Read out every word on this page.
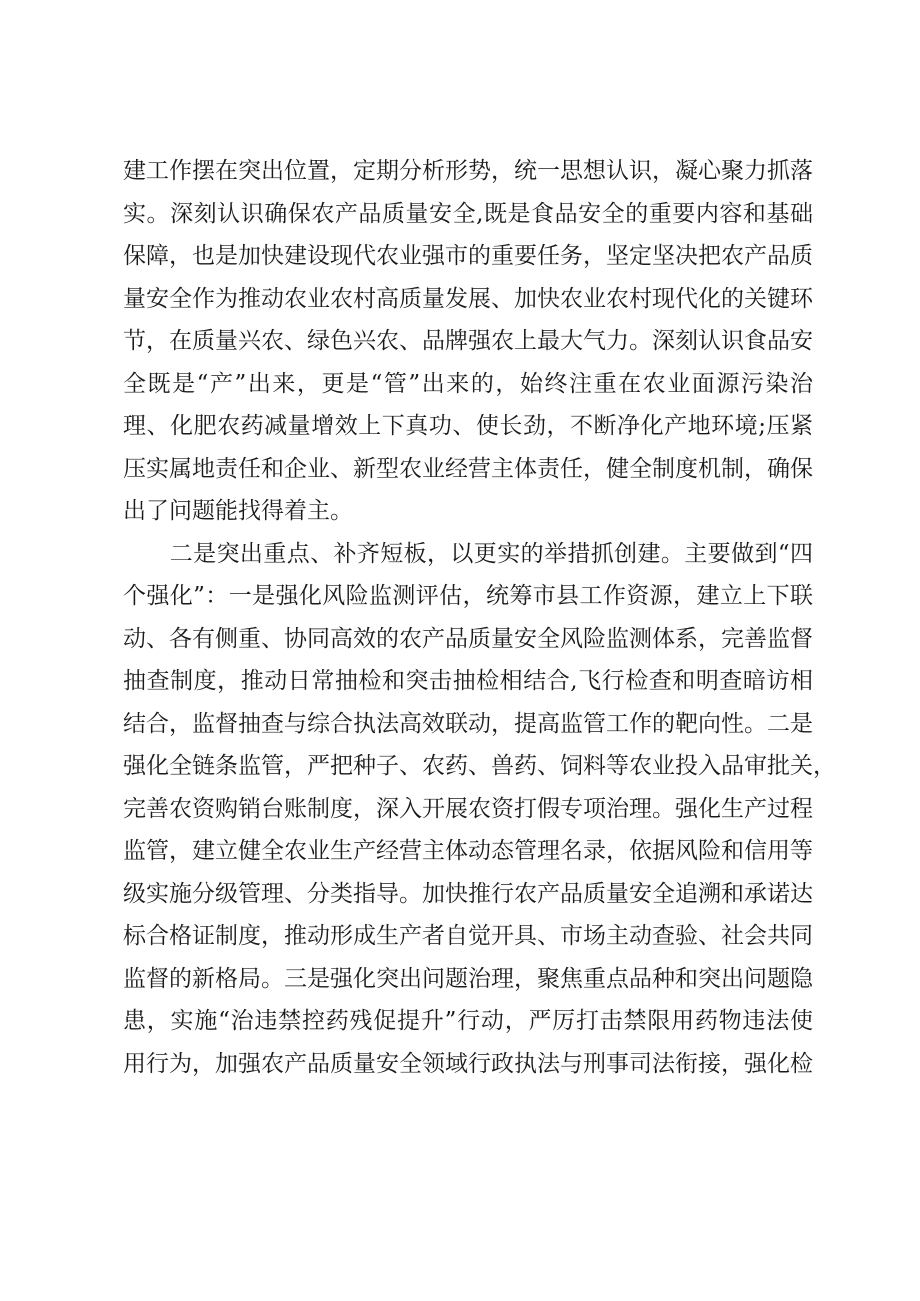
建工作摆在突出位置，定期分析形势，统一思想认识，凝心聚力抓落
实。深刻认识确保农产品质量安全,既是食品安全的重要内容和基础
保障，也是加快建设现代农业强市的重要任务，坚定坚决把农产品质
量安全作为推动农业农村高质量发展、加快农业农村现代化的关键环
节，在质量兴农、绿色兴农、品牌强农上最大气力。深刻认识食品安
全既是“产”出来，更是“管”出来的，始终注重在农业面源污染治
理、化肥农药减量增效上下真功、使长劲，不断净化产地环境;压紧
压实属地责任和企业、新型农业经营主体责任，健全制度机制，确保
出了问题能找得着主。
　　二是突出重点、补齐短板，以更实的举措抓创建。主要做到“四
个强化”：一是强化风险监测评估，统筹市县工作资源，建立上下联
动、各有侧重、协同高效的农产品质量安全风险监测体系，完善监督
抽查制度，推动日常抽检和突击抽检相结合,飞行检查和明查暗访相
结合，监督抽查与综合执法高效联动，提高监管工作的靶向性。二是
强化全链条监管，严把种子、农药、兽药、饲料等农业投入品审批关，
完善农资购销台账制度，深入开展农资打假专项治理。强化生产过程
监管，建立健全农业生产经营主体动态管理名录，依据风险和信用等
级实施分级管理、分类指导。加快推行农产品质量安全追溯和承诺达
标合格证制度，推动形成生产者自觉开具、市场主动查验、社会共同
监督的新格局。三是强化突出问题治理，聚焦重点品种和突出问题隐
患，实施“治违禁控药残促提升”行动，严厉打击禁限用药物违法使
用行为，加强农产品质量安全领域行政执法与刑事司法衔接，强化检
